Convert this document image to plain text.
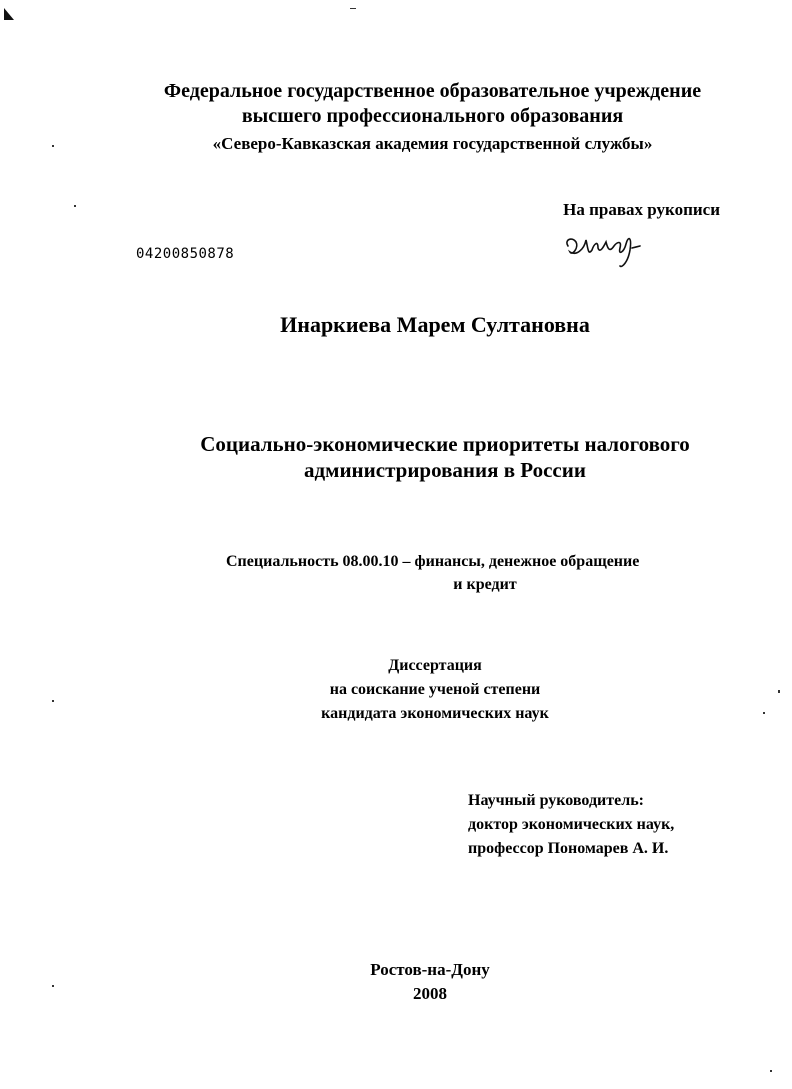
Федеральное государственное образовательное учреждение
высшего профессионального образования
«Северо-Кавказская академия государственной службы»
На правах рукописи
04200850878
Инаркиева Марем Султановна
Социально-экономические приоритеты налогового
администрирования в России
Специальность 08.00.10 – финансы, денежное обращение
и кредит
Диссертация
на соискание ученой степени
кандидата экономических наук
Научный руководитель:
доктор экономических наук,
профессор Пономарев А. И.
Ростов-на-Дону
2008
